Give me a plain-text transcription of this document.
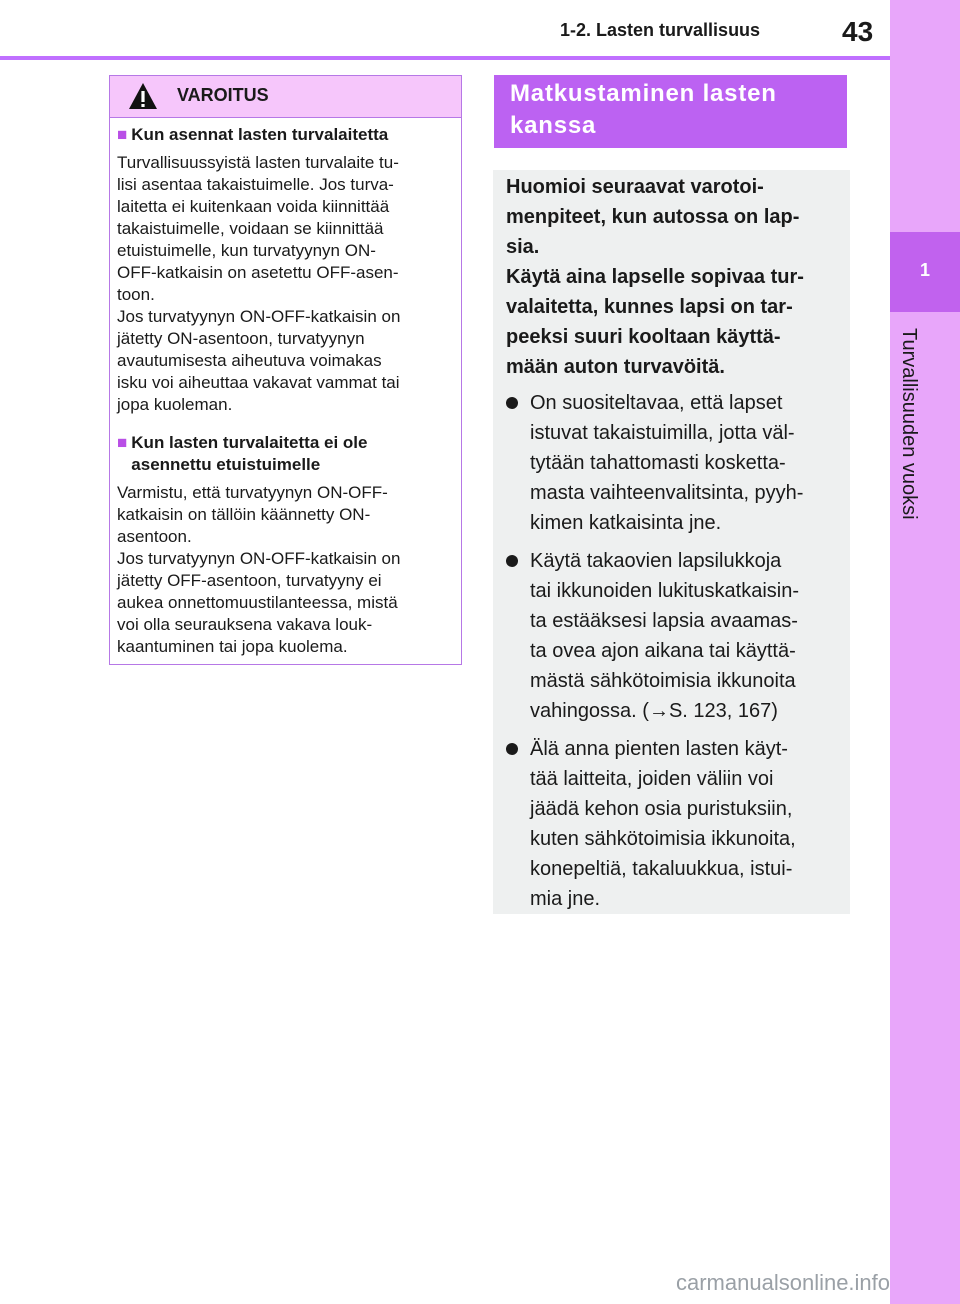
1-2. Lasten turvallisuus	43
1
Turvallisuuden vuoksi
VAROITUS
■ Kun asennat lasten turvalaitetta
Turvallisuussyistä lasten turvalaite tu-
lisi asentaa takaistuimelle. Jos turva-
laitetta ei kuitenkaan voida kiinnittää
takaistuimelle, voidaan se kiinnittää
etuistuimelle, kun turvatyynyn ON-
OFF-katkaisin on asetettu OFF-asen-
toon.
Jos turvatyynyn ON-OFF-katkaisin on
jätetty ON-asentoon, turvatyynyn
avautumisesta aiheutuva voimakas
isku voi aiheuttaa vakavat vammat tai
jopa kuoleman.
■ Kun lasten turvalaitetta ei ole
asennettu etuistuimelle
Varmistu, että turvatyynyn ON-OFF-
katkaisin on tällöin käännetty ON-
asentoon.
Jos turvatyynyn ON-OFF-katkaisin on
jätetty OFF-asentoon, turvatyyny ei
aukea onnettomuustilanteessa, mistä
voi olla seurauksena vakava louk-
kaantuminen tai jopa kuolema.
Matkustaminen lasten
kanssa
Huomioi seuraavat varotoi-
menpiteet, kun autossa on lap-
sia.
Käytä aina lapselle sopivaa tur-
valaitetta, kunnes lapsi on tar-
peeksi suuri kooltaan käyttä-
mään auton turvavöitä.
On suositeltavaa, että lapset
istuvat takaistuimilla, jotta väl-
tytään tahattomasti kosketta-
masta vaihteenvalitsinta, pyyh-
kimen katkaisinta jne.
Käytä takaovien lapsilukkoja
tai ikkunoiden lukituskatkaisin-
ta estääksesi lapsia avaamas-
ta ovea ajon aikana tai käyttä-
mästä sähkötoimisia ikkunoita
vahingossa. (→S. 123, 167)
Älä anna pienten lasten käyt-
tää laitteita, joiden väliin voi
jäädä kehon osia puristuksiin,
kuten sähkötoimisia ikkunoita,
konepeltiä, takaluukkua, istui-
mia jne.
carmanualsonline.info
